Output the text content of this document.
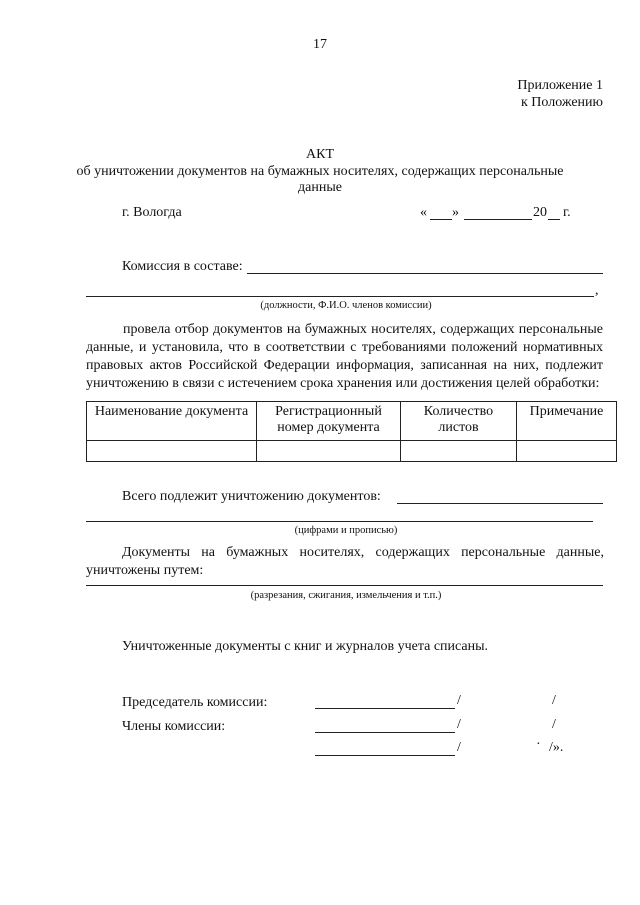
17

Приложение 1

к Положению

АКТ

об уничтожении документов на бумажных носителях, содержащих персональные

данные

г. Вологда	« »	20 г.

Комиссия в составе:

,

(должности, Ф.И.О. членов комиссии)

провела отбор документов на бумажных носителях, содержащих персональные данные, и установила, что в соответствии с требованиями положений нормативных правовых актов Российской Федерации информация, записанная на них, подлежит уничтожению в связи с истечением срока хранения или достижения целей обработки:

Наименование документа	Регистрационный номер документа	Количество листов	Примечание

Всего подлежит уничтожению документов:

(цифрами и прописью)

Документы на бумажных носителях, содержащих персональные данные,

уничтожены путем:

(разрезания, сжигания, измельчения и т.п.)

Уничтоженные документы с книг и журналов учета списаны.

Председатель комиссии:	/	/

Члены комиссии:	/	/
/	· /».
